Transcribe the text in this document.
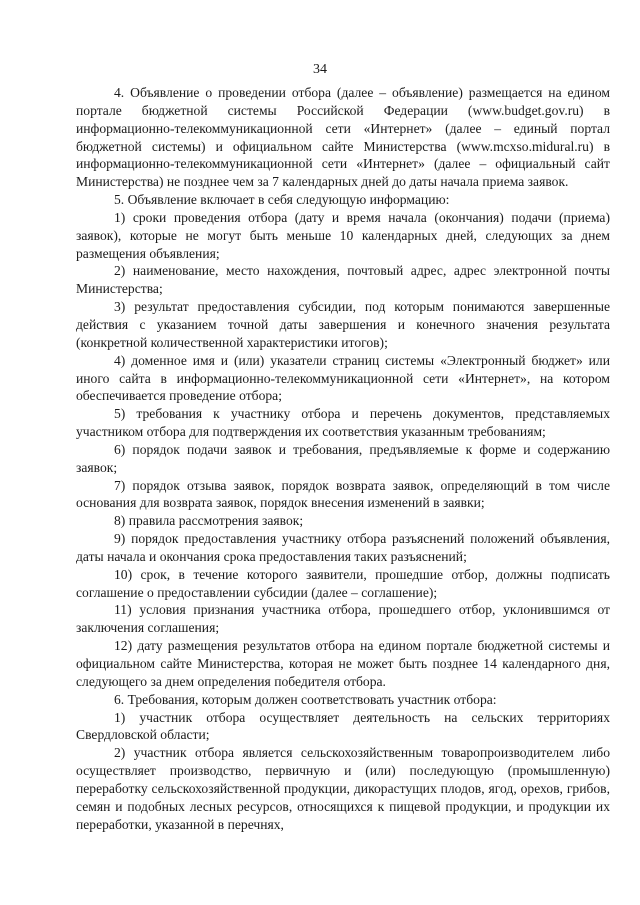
34

4. Объявление о проведении отбора (далее – объявление) размещается на едином портале бюджетной системы Российской Федерации (www.budget.gov.ru) в информационно-телекоммуникационной сети «Интернет» (далее – единый портал бюджетной системы) и официальном сайте Министерства (www.mcxso.midural.ru) в информационно-телекоммуникационной сети «Интернет» (далее – официальный сайт Министерства) не позднее чем за 7 календарных дней до даты начала приема заявок.

5. Объявление включает в себя следующую информацию:

1) сроки проведения отбора (дату и время начала (окончания) подачи (приема) заявок), которые не могут быть меньше 10 календарных дней, следующих за днем размещения объявления;

2) наименование, место нахождения, почтовый адрес, адрес электронной почты Министерства;

3) результат предоставления субсидии, под которым понимаются завершенные действия с указанием точной даты завершения и конечного значения результата (конкретной количественной характеристики итогов);

4) доменное имя и (или) указатели страниц системы «Электронный бюджет» или иного сайта в информационно-телекоммуникационной сети «Интернет», на котором обеспечивается проведение отбора;

5) требования к участнику отбора и перечень документов, представляемых участником отбора для подтверждения их соответствия указанным требованиям;

6) порядок подачи заявок и требования, предъявляемые к форме и содержанию заявок;

7) порядок отзыва заявок, порядок возврата заявок, определяющий в том числе основания для возврата заявок, порядок внесения изменений в заявки;

8) правила рассмотрения заявок;

9) порядок предоставления участнику отбора разъяснений положений объявления, даты начала и окончания срока предоставления таких разъяснений;

10) срок, в течение которого заявители, прошедшие отбор, должны подписать соглашение о предоставлении субсидии (далее – соглашение);

11) условия признания участника отбора, прошедшего отбор, уклонившимся от заключения соглашения;

12) дату размещения результатов отбора на едином портале бюджетной системы и официальном сайте Министерства, которая не может быть позднее 14 календарного дня, следующего за днем определения победителя отбора.

6. Требования, которым должен соответствовать участник отбора:

1) участник отбора осуществляет деятельность на сельских территориях Свердловской области;

2) участник отбора является сельскохозяйственным товаропроизводителем либо осуществляет производство, первичную и (или) последующую (промышленную) переработку сельскохозяйственной продукции, дикорастущих плодов, ягод, орехов, грибов, семян и подобных лесных ресурсов, относящихся к пищевой продукции, и продукции их переработки, указанной в перечнях,
